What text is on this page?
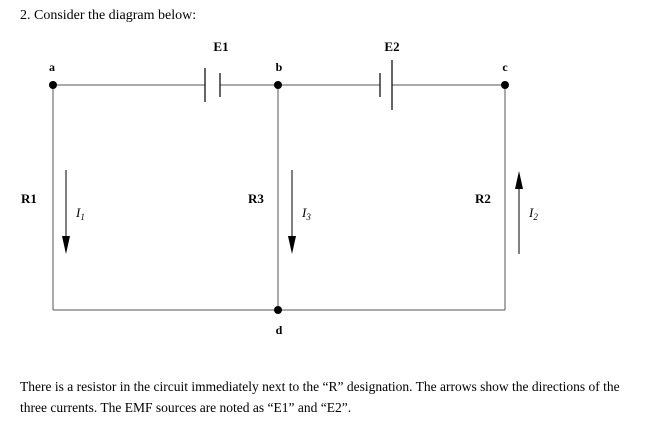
2. Consider the diagram below:
a	b	c
d
E1	E2
R1	R3	R2
$I_1$	$I_3$	$I_2$
There is a resistor in the circuit immediately next to the “R” designation. The arrows show the directions of the three currents. The EMF sources are noted as “E1” and “E2”.
